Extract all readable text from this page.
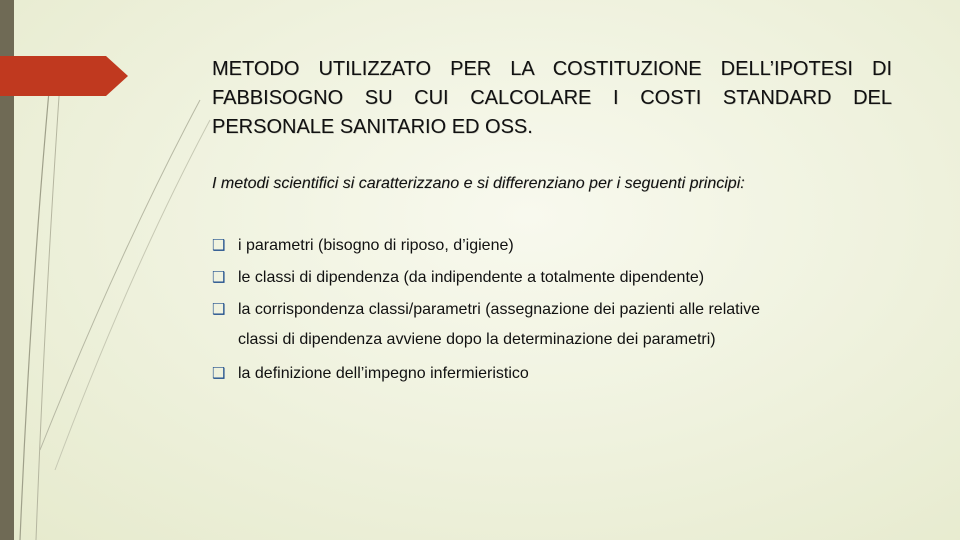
METODO UTILIZZATO PER LA COSTITUZIONE DELL’IPOTESI DI FABBISOGNO SU CUI CALCOLARE I COSTI STANDARD DEL PERSONALE SANITARIO ED OSS.

I metodi scientifici si caratterizzano e si differenziano per i seguenti principi:

❑ i parametri (bisogno di riposo, d’igiene)
❑ le classi di dipendenza (da indipendente a totalmente dipendente)
❑ la corrispondenza classi/parametri (assegnazione dei pazienti alle relative
classi di dipendenza avviene dopo la determinazione dei parametri)
❑ la definizione dell’impegno infermieristico
